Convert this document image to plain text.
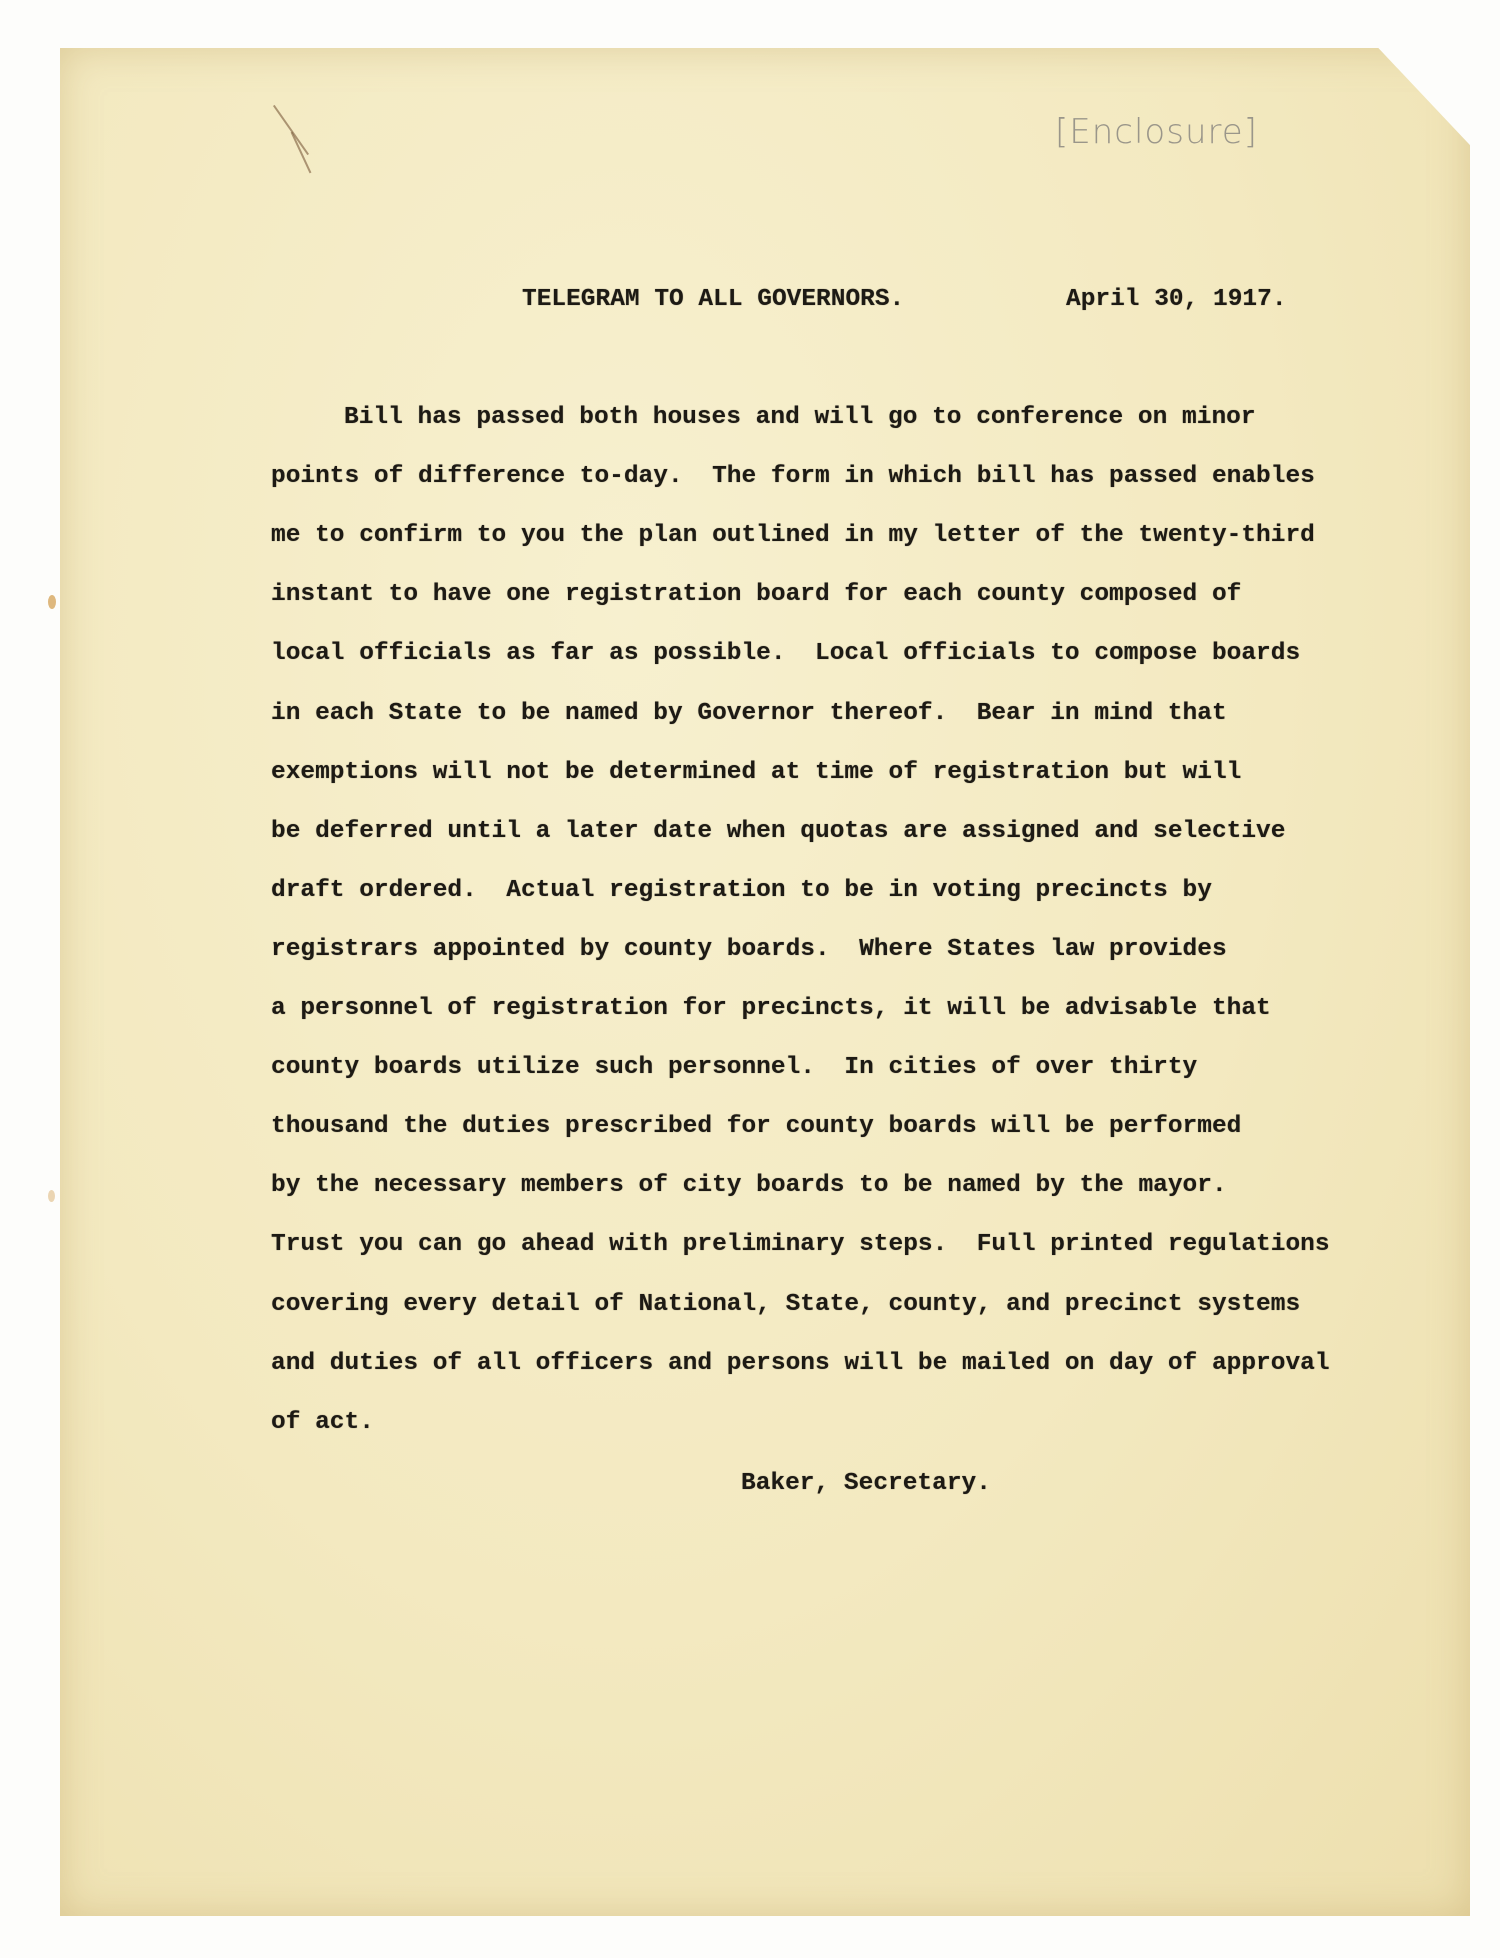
[Enclosure]
TELEGRAM TO ALL GOVERNORS.	April 30, 1917.
Bill has passed both houses and will go to conference on minor
points of difference to-day.  The form in which bill has passed enables
me to confirm to you the plan outlined in my letter of the twenty-third
instant to have one registration board for each county composed of
local officials as far as possible.  Local officials to compose boards
in each State to be named by Governor thereof.  Bear in mind that
exemptions will not be determined at time of registration but will
be deferred until a later date when quotas are assigned and selective
draft ordered.  Actual registration to be in voting precincts by
registrars appointed by county boards.  Where States law provides
a personnel of registration for precincts, it will be advisable that
county boards utilize such personnel.  In cities of over thirty
thousand the duties prescribed for county boards will be performed
by the necessary members of city boards to be named by the mayor.
Trust you can go ahead with preliminary steps.  Full printed regulations
covering every detail of National, State, county, and precinct systems
and duties of all officers and persons will be mailed on day of approval
of act.
Baker, Secretary.
